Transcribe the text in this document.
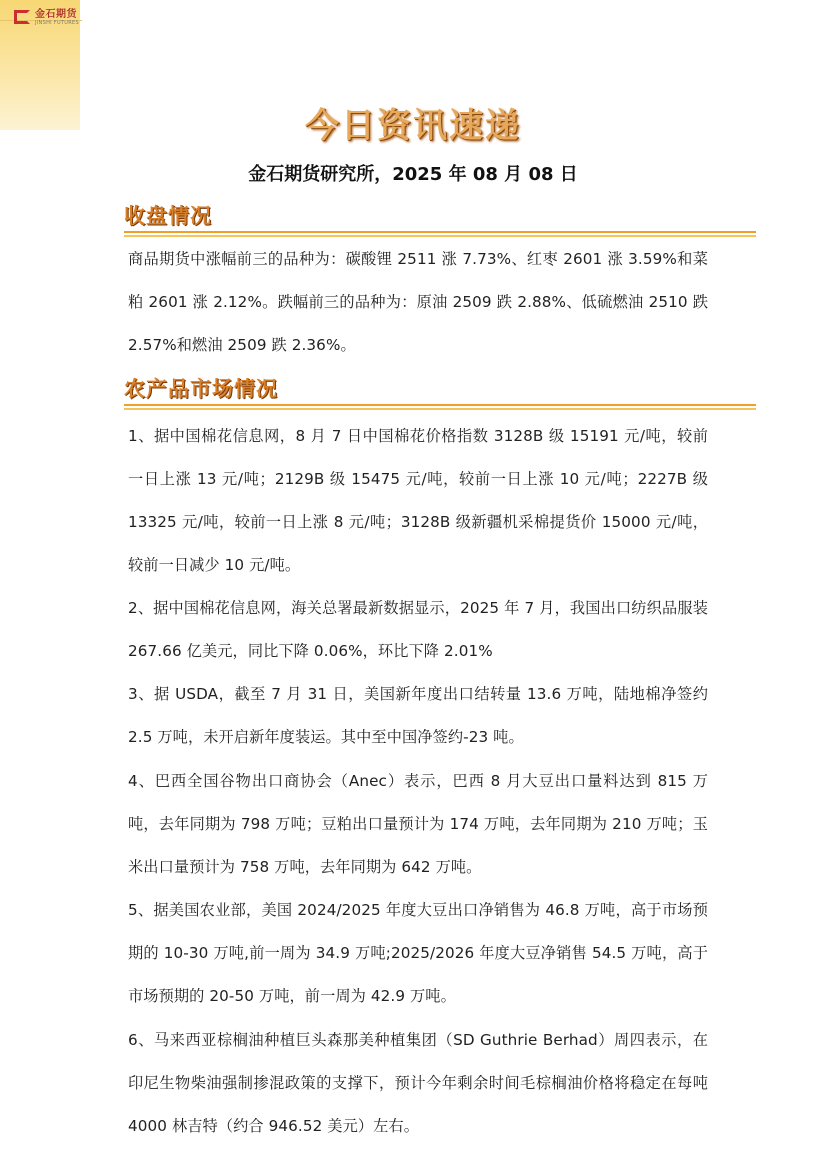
金石期货
JINSHI FUTURES
今日资讯速递
金石期货研究所，2025 年 08 月 08 日
收盘情况
商品期货中涨幅前三的品种为：碳酸锂 2511 涨 7.73%、红枣 2601 涨 3.59%和菜粕 2601 涨 2.12%。跌幅前三的品种为：原油 2509 跌 2.88%、低硫燃油 2510 跌 2.57%和燃油 2509 跌 2.36%。
农产品市场情况
1、据中国棉花信息网，8 月 7 日中国棉花价格指数 3128B 级 15191 元/吨，较前一日上涨 13 元/吨；2129B 级 15475 元/吨，较前一日上涨 10 元/吨；2227B 级 13325 元/吨，较前一日上涨 8 元/吨；3128B 级新疆机采棉提货价 15000 元/吨，较前一日减少 10 元/吨。
2、据中国棉花信息网，海关总署最新数据显示，2025 年 7 月，我国出口纺织品服装 267.66 亿美元，同比下降 0.06%，环比下降 2.01%
3、据 USDA，截至 7 月 31 日，美国新年度出口结转量 13.6 万吨，陆地棉净签约 2.5 万吨，未开启新年度装运。其中至中国净签约-23 吨。
4、巴西全国谷物出口商协会（Anec）表示，巴西 8 月大豆出口量料达到 815 万吨，去年同期为 798 万吨；豆粕出口量预计为 174 万吨，去年同期为 210 万吨；玉米出口量预计为 758 万吨，去年同期为 642 万吨。
5、据美国农业部，美国 2024/2025 年度大豆出口净销售为 46.8 万吨，高于市场预期的 10-30 万吨,前一周为 34.9 万吨;2025/2026 年度大豆净销售 54.5 万吨，高于市场预期的 20-50 万吨，前一周为 42.9 万吨。
6、马来西亚棕榈油种植巨头森那美种植集团（SD Guthrie Berhad）周四表示，在印尼生物柴油强制掺混政策的支撑下，预计今年剩余时间毛棕榈油价格将稳定在每吨 4000 林吉特（约合 946.52 美元）左右。
